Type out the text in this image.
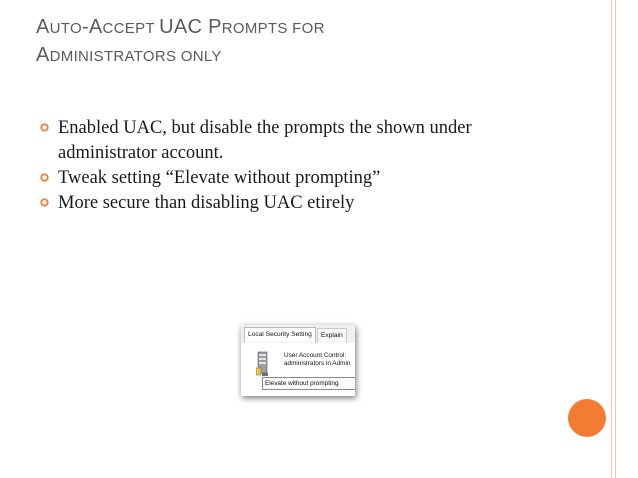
AUTO-ACCEPT UAC PROMPTS FOR
ADMINISTRATORS ONLY
Enabled UAC, but disable the prompts the shown under administrator account.
Tweak setting “Elevate without prompting”
More secure than disabling UAC etirely
Local Security Setting	Explain
User Account Control:
administrators in Admin
Elevate without prompting
